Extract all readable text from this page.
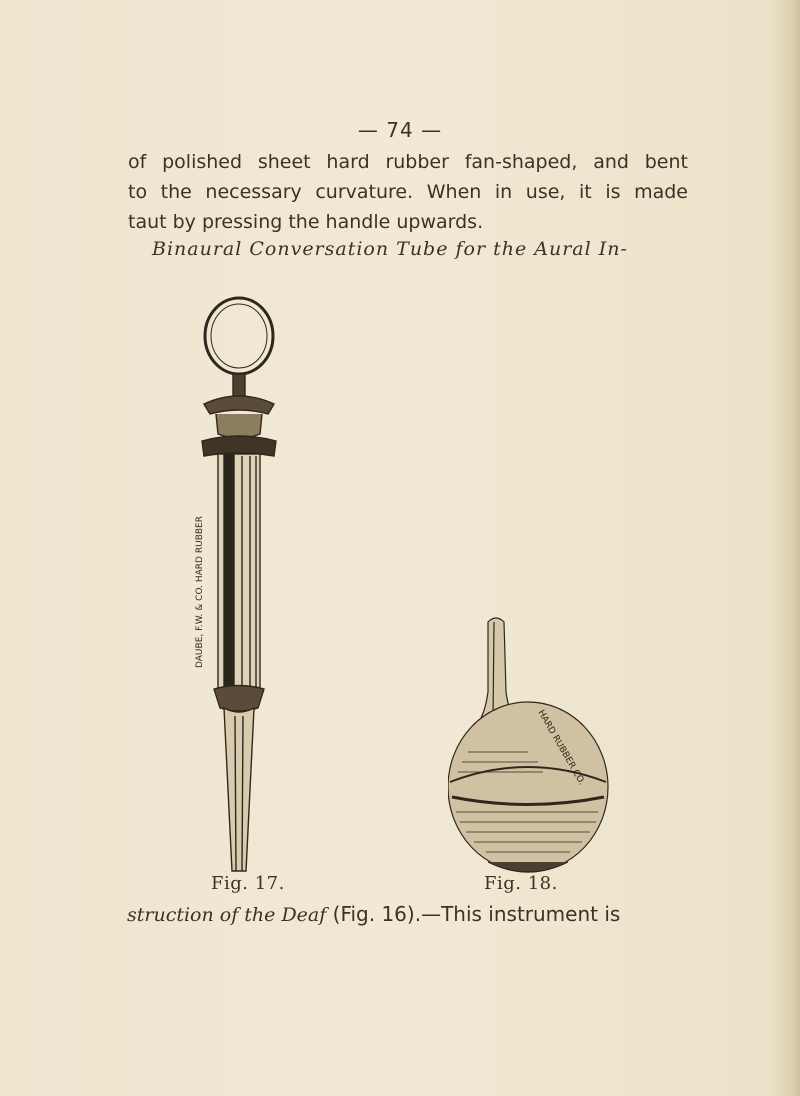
— 74 —

of polished sheet hard rubber fan-shaped, and bent
to the necessary curvature. When in use, it is made
taut by pressing the handle upwards.

Binaural Conversation Tube for the Aural In-
DAUBE, F.W. & CO. HARD RUBBER
HARD RUBBER CO.
Fig. 17.	Fig. 18.
struction of the Deaf (Fig. 16).—This instrument is
